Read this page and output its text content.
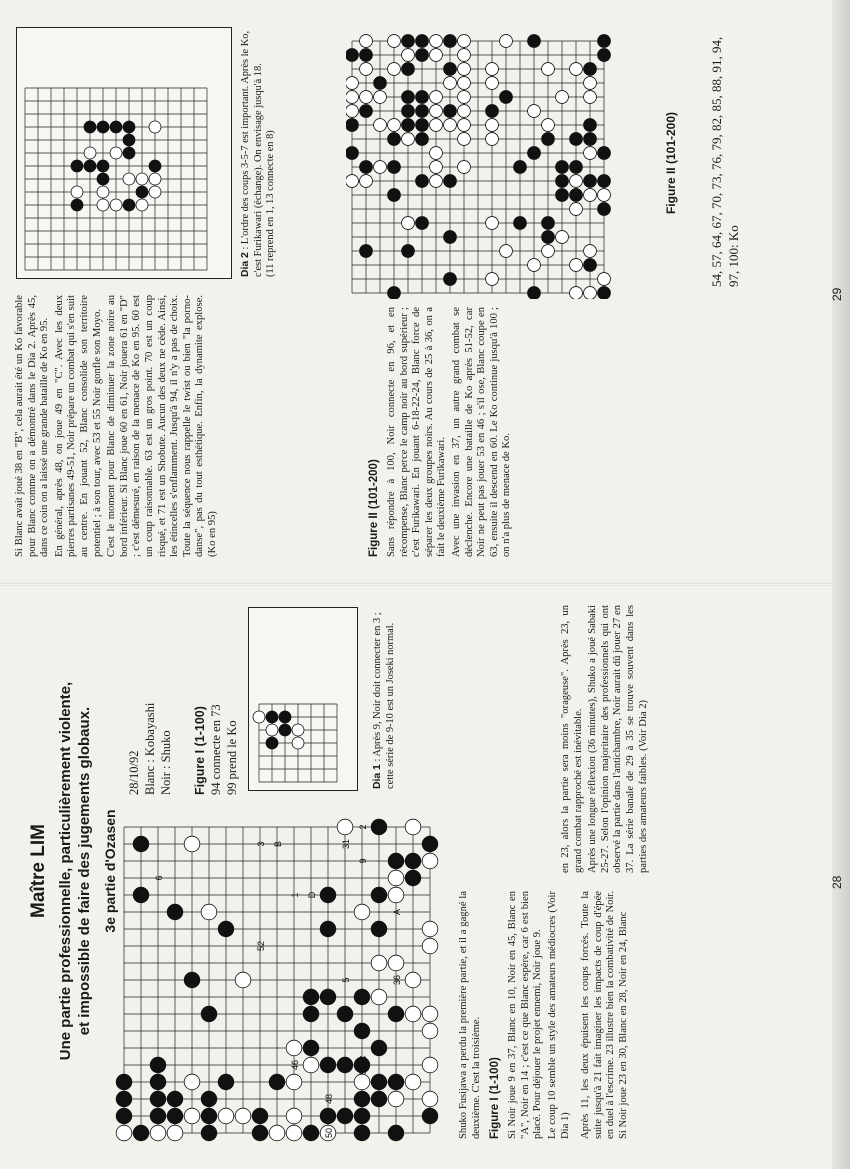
Maître LIM Une partie professionnelle, particulièrement violente, et impossible de faire des jugements globaux. 3e partie d'Ozasen
52
36
46
48
50
51 C
A
B
D
31
2
1
3
5
6
9
28/10/92 Blanc : Kobayashi Noir : Shuko Figure I (1-100) 94 connecte en 73 99 prend le Ko	Dia 1 : Après 9, Noir doit connecter en 3 ; cette série de 9-10 est un Joseki normal.
Shuko Fusijawa a perdu la première partie, et il a gagné la deuxième. C'est la troisième. Figure I (1-100) Si Noir joue 9 en 37, Blanc en 10, Noir en 45, Blanc en "A", Noir en 14 ; c'est ce que Blanc espère, car 6 est bien placé. Pour déjouer le projet ennemi, Noir joue 9. Le coup 10 semble un style des amateurs médiocres (Voir Dia 1) Après 11, les deux épuisent les coups forcés. Toute la suite jusqu'à 21 fait imaginer les impacts de coup d'épée en duel à l'escrime. 23 illustre bien la combativité de Noir. Si Noir joue 23 en 30, Blanc en 28, Noir en 24, Blanc

en 23, alors la partie sera moins "orageuse". Après 23, un grand combat rapproché est inévitable. Après une longue réflexion (36 minutes), Shuko a joué Sabaki 25-27. Selon l'opinion majoritaire des professionnels qui ont observé la partie dans l'antichambre, Noir aurait dû jouer 27 en 37. La série banale de 29 à 35 se trouve souvent dans les parties des amateurs faibles. (Voir Dia 2)

28

Si Blanc avait joué 38 en "B", cela aurait été un Ko favorable pour Blanc comme on a démontré dans le Dia 2. Après 45, dans ce coin on a laissé une grande bataille de Ko en 95. En général, après 48, on joue 49 en "C". Avec les deux pierres partisanes 49-51, Noir prépare un combat qui s'en suit au centre. En jouant 52, Blanc consolide son territoire potentiel ; à son tour, avec 53 et 55 Noir gonfle son Moyo. C'est le moment pour Blanc de diminuer la zone noire au bord inférieur. Si Blanc joue 60 en 61, Noir jouera 61 en "D" ; c'est démesuré, en raison de la menace de Ko en 95. 60 est un coup raisonnable. 63 est un gros point. 70 est un coup risqué, et 71 est un Shobute. Aucun des deux ne cède. Ainsi, les étincelles s'enflamment. Jusqu'à 94, il n'y a pas de choix. Toute la séquence nous rappelle le twist ou bien "la porno-danse", pas du tout esthétique. Enfin, la dynamite explose. (Ko en 95)

Dia 2 : L'ordre des coups 3-5-7 est important. Après le Ko, c'est Furikawari (échange). On envisage jusqu'à 18. (11 reprend en 1, 13 connecte en 8)
Figure II (101-200) Sans répondre à 100, Noir connecte en 96, et en récompense, Blanc perce le camp noir au bord supérieur ; c'est Furikawari. En jouant 6-18-22-24, Blanc force de séparer les deux groupes noirs. Au cours de 25 à 36, on a fait le deuxième Furikawari. Avec une invasion en 37, un autre grand combat se déclenche. Encore une bataille de Ko après 51-52, car Noir ne peut pas jouer 53 en 46 ; s'il ose, Blanc coupe en 63, ensuite il descend en 60. Le Ko continue jusqu'à 100 ; on n'a plus de menace de Ko.

Figure II (101-200) 54, 57, 64, 67, 70, 73, 76, 79, 82, 85, 88, 91, 94, 97, 100: Ko
29
